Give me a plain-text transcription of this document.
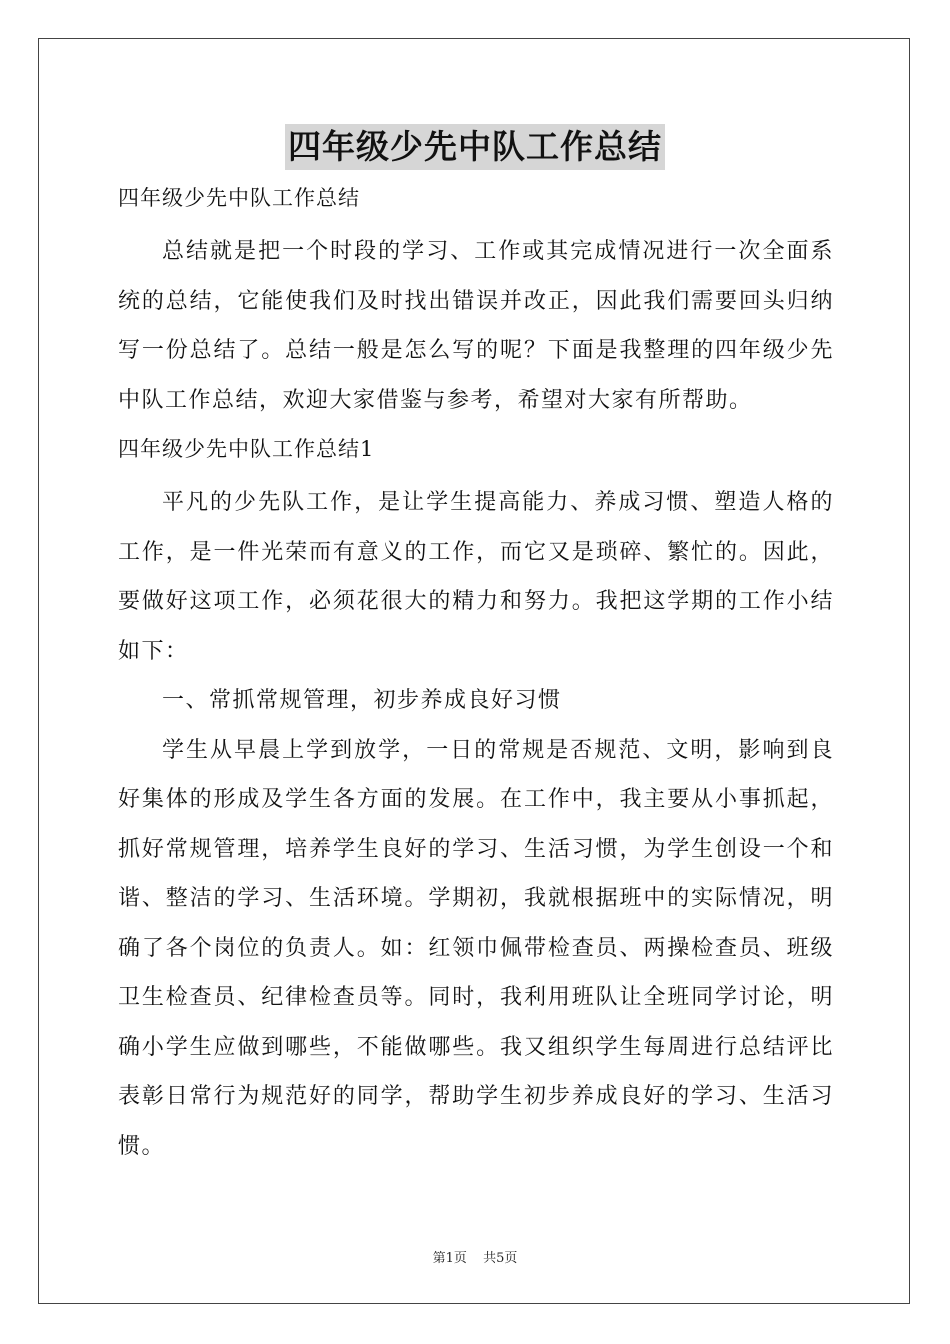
四年级少先中队工作总结

四年级少先中队工作总结

总结就是把一个时段的学习、工作或其完成情况进行一次全面系统的总结，它能使我们及时找出错误并改正，因此我们需要回头归纳写一份总结了。总结一般是怎么写的呢？下面是我整理的四年级少先中队工作总结，欢迎大家借鉴与参考，希望对大家有所帮助。

四年级少先中队工作总结1

平凡的少先队工作，是让学生提高能力、养成习惯、塑造人格的工作，是一件光荣而有意义的工作，而它又是琐碎、繁忙的。因此，要做好这项工作，必须花很大的精力和努力。我把这学期的工作小结如下：

一、常抓常规管理，初步养成良好习惯

学生从早晨上学到放学，一日的常规是否规范、文明，影响到良好集体的形成及学生各方面的发展。在工作中，我主要从小事抓起，抓好常规管理，培养学生良好的学习、生活习惯，为学生创设一个和谐、整洁的学习、生活环境。学期初，我就根据班中的实际情况，明确了各个岗位的负责人。如：红领巾佩带检查员、两操检查员、班级卫生检查员、纪律检查员等。同时，我利用班队让全班同学讨论，明确小学生应做到哪些，不能做哪些。我又组织学生每周进行总结评比表彰日常行为规范好的同学，帮助学生初步养成良好的学习、生活习惯。

第1页 共5页
